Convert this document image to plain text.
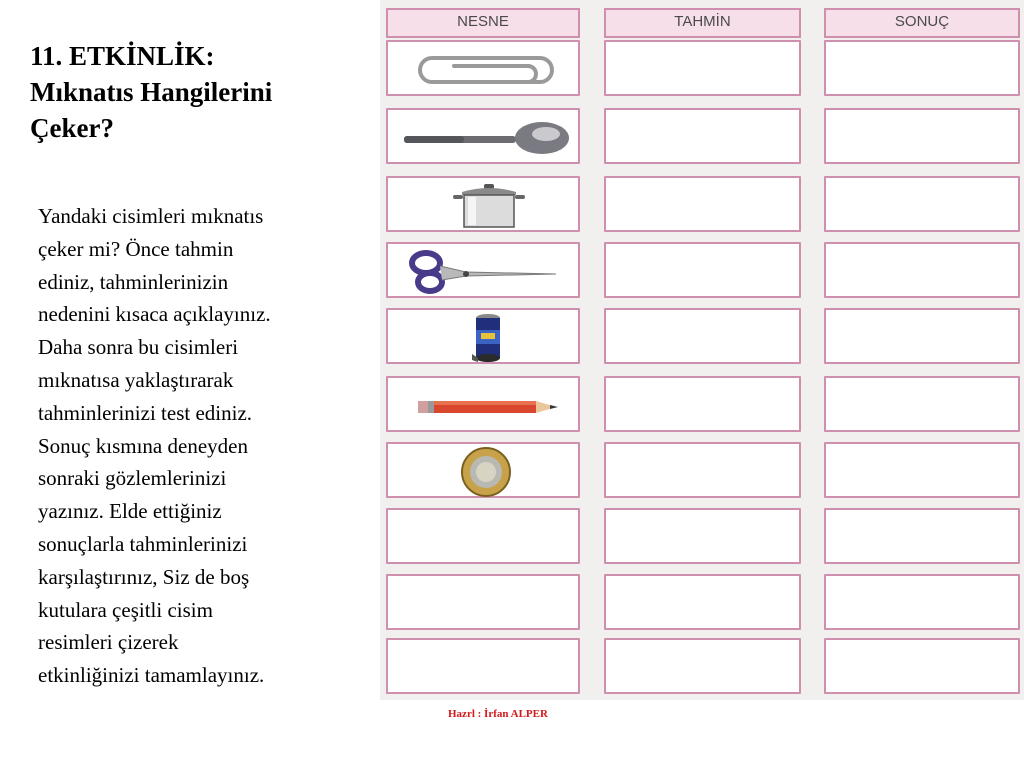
11. ETKİNLİK:
Mıknatıs Hangilerini
Çeker?
Yandaki cisimleri mıknatıs
çeker mi? Önce tahmin
ediniz, tahminlerinizin
nedenini kısaca açıklayınız.
Daha sonra bu cisimleri
mıknatısa yaklaştırarak
tahminlerinizi test ediniz.
Sonuç kısmına deneyden
sonraki gözlemlerinizi
yazınız. Elde ettiğiniz
sonuçlarla tahminlerinizi
karşılaştırınız, Siz de boş
kutulara çeşitli cisim
resimleri çizerek
etkinliğinizi tamamlayınız.
NESNE	TAHMİN	SONUÇ
Hazrl : İrfan ALPER
